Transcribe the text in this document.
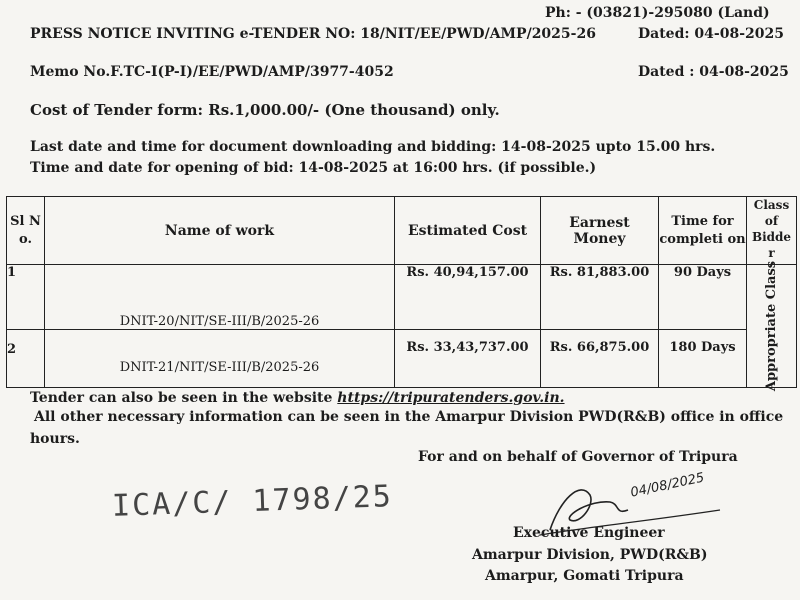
Ph: - (03821)-295080 (Land)
PRESS NOTICE INVITING e-TENDER NO: 18/NIT/EE/PWD/AMP/2025-26	Dated: 04-08-2025
Memo No.F.TC-I(P-I)/EE/PWD/AMP/3977-4052	Dated : 04-08-2025
Cost of Tender form: Rs.1,000.00/- (One thousand) only.
Last date and time for document downloading and bidding: 14-08-2025 upto 15.00 hrs.
Time and date for opening of bid: 14-08-2025 at 16:00 hrs. (if possible.)
Sl N o.	Name of work	Estimated Cost	Earnest Money	Time for completi on	Class of Bidde r
1	DNIT-20/NIT/SE-III/B/2025-26	Rs. 40,94,157.00	Rs. 81,883.00	90 Days	Appropriate Class

2	DNIT-21/NIT/SE-III/B/2025-26	Rs. 33,43,737.00	Rs. 66,875.00	180 Days	
Tender can also be seen in the website https://tripuratenders.gov.in.
All other necessary information can be seen in the Amarpur Division PWD(R&B) office in office
hours.
For and on behalf of Governor of Tripura
ICA/C/ 1798/25	04/08/2025
Executive Engineer
Amarpur Division, PWD(R&B)
Amarpur, Gomati Tripura
